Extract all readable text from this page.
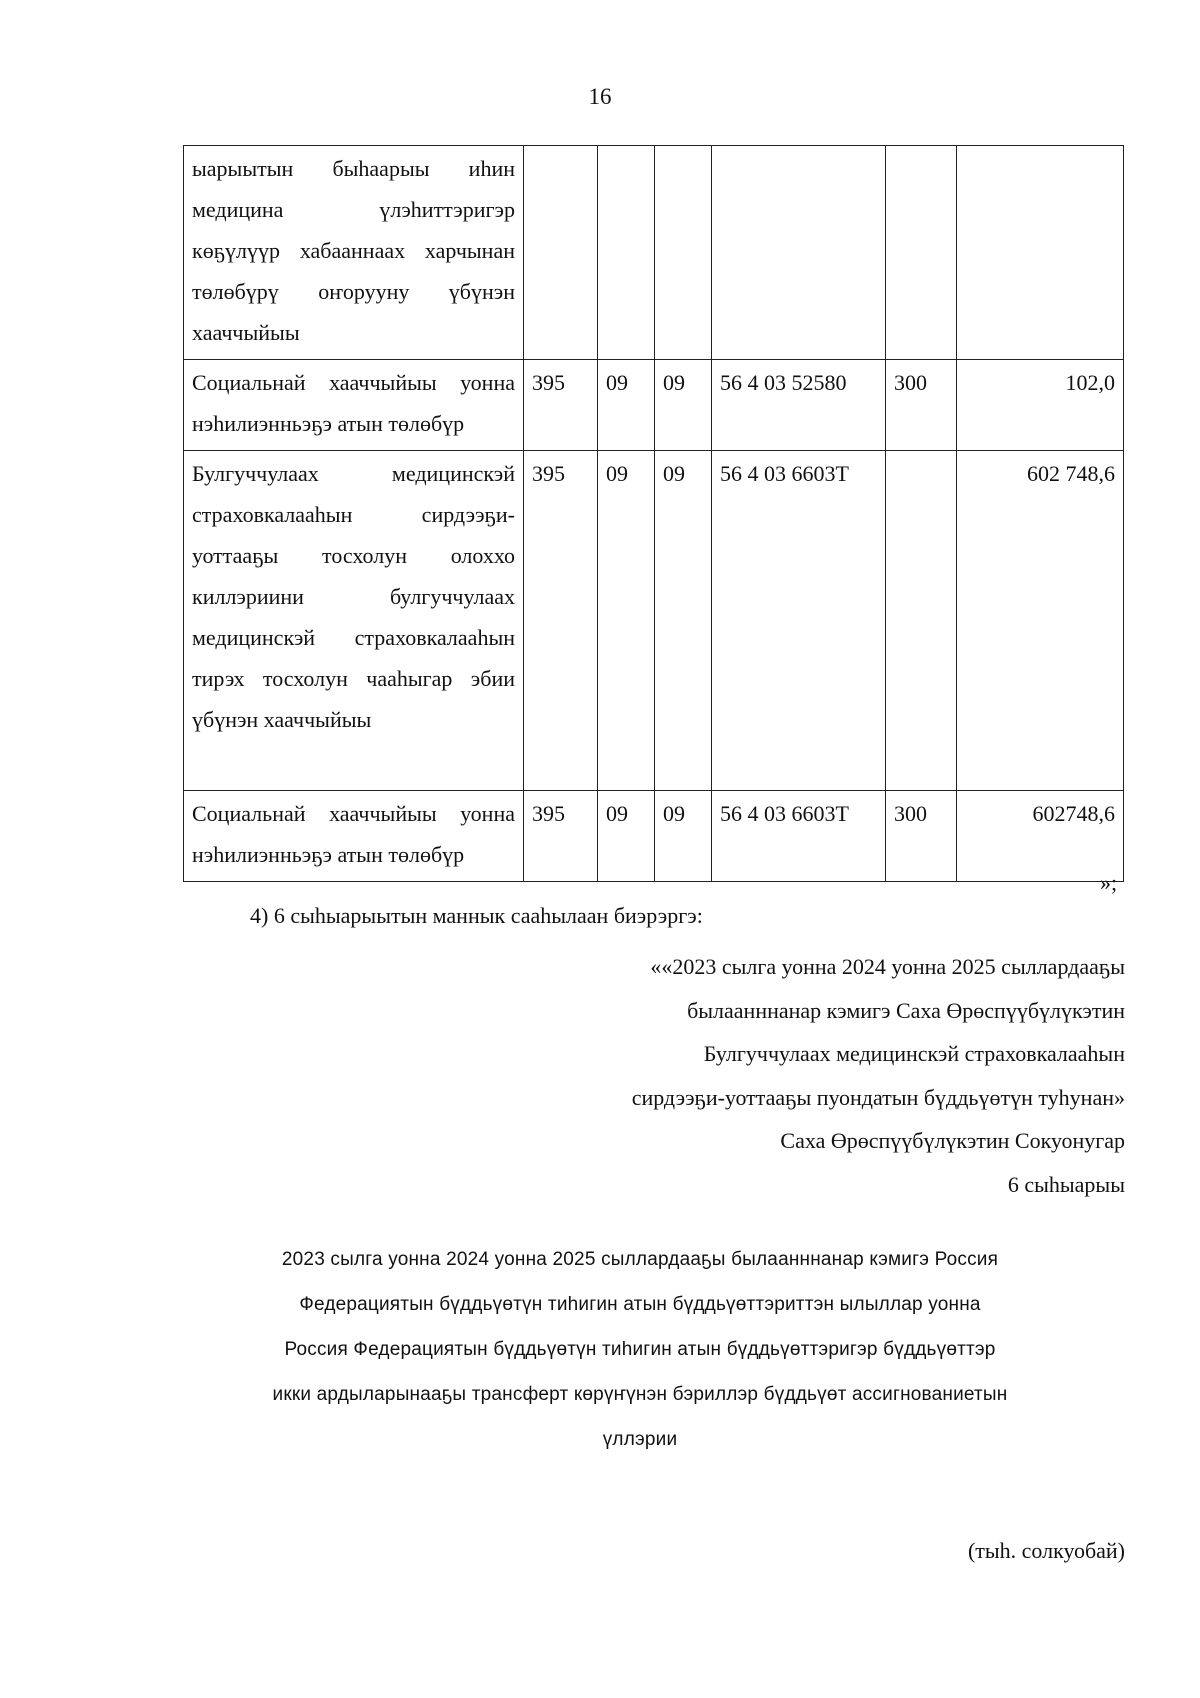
16
ыарыытын быhаарыы иhин медицина үлэhиттэригэр көҕүлүүр хабааннаах харчынан төлөбүрү оҥорууну үбүнэн хааччыйыы						
Социальнай хааччыйыы уонна нэhилиэнньэҕэ атын төлөбүр	395	09	09	56 4 03 52580	300	102,0
Булгуччулаах медицинскэй страховкалааhын сирдээҕи-уоттааҕы тосхолун олоххо киллэриини булгуччулаах медицинскэй страховкалааhын тирэх тосхолун чааhыгар эбии үбүнэн хааччыйыы	395	09	09	56 4 03 6603Т		602 748,6
Социальнай хааччыйыы уонна нэhилиэнньэҕэ атын төлөбүр	395	09	09	56 4 03 6603Т	300	602748,6
»;
4) 6 сыhыарыытын маннык сааhылаан биэрэргэ:
««2023 сылга уонна 2024 уонна 2025 сыллардааҕы
былаанннанар кэмигэ Саха Өрөспүүбүлүкэтин
Булгуччулаах медицинскэй страховкалааhын
сирдээҕи-уоттааҕы пуондатын бүддьүөтүн туhунан»
Саха Өрөспүүбүлүкэтин Сокуонугар
6 сыhыарыы
2023 сылга уонна 2024 уонна 2025 сыллардааҕы былаанннанар кэмигэ Россия
Федерациятын бүддьүөтүн тиhигин атын бүддьүөттэриттэн ылыллар уонна
Россия Федерациятын бүддьүөтүн тиhигин атын бүддьүөттэригэр бүддьүөттэр
икки ардыларынааҕы трансферт көрүҥүнэн бэриллэр бүддьүөт ассигнованиетын
үллэрии
(тыh. солкуобай)
